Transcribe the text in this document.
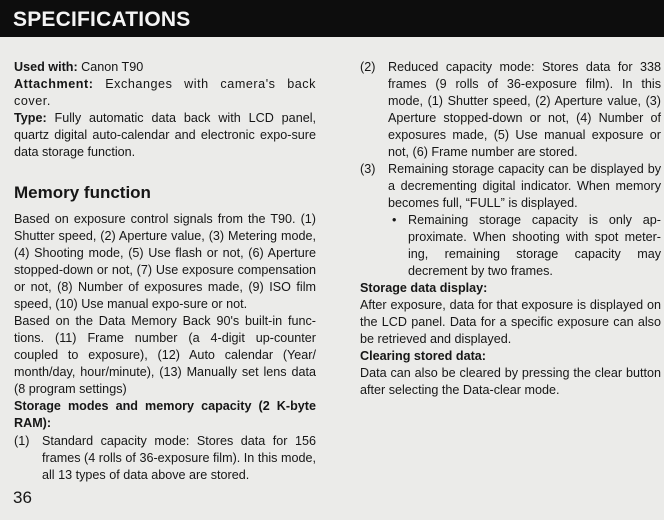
SPECIFICATIONS

Used with: Canon T90

Attachment: Exchanges with camera's back cover.

Type: Fully automatic data back with LCD panel, quartz digital auto-calendar and electronic expo-sure data storage function.

Memory function

Based on exposure control signals from the T90. (1) Shutter speed, (2) Aperture value, (3) Metering mode, (4) Shooting mode, (5) Use flash or not, (6) Aperture stopped-down or not, (7) Use exposure compensation or not, (8) Number of exposures made, (9) ISO film speed, (10) Use manual expo-sure or not.

Based on the Data Memory Back 90's built-in func-tions. (11) Frame number (a 4-digit up-counter coupled to exposure), (12) Auto calendar (Year/ month/day, hour/minute), (13) Manually set lens data (8 program settings)

Storage modes and memory capacity (2 K-byte RAM):

(1) Standard capacity mode: Stores data for 156 frames (4 rolls of 36-exposure film). In this mode, all 13 types of data above are stored.
(2) Reduced capacity mode: Stores data for 338 frames (9 rolls of 36-exposure film). In this mode, (1) Shutter speed, (2) Aperture value, (3) Aperture stopped-down or not, (4) Number of exposures made, (5) Use manual exposure or not, (6) Frame number are stored.
(3) Remaining storage capacity can be displayed by a decrementing digital indicator. When memory becomes full, “FULL” is displayed.
• Remaining storage capacity is only ap-proximate. When shooting with spot meter-ing, remaining storage capacity may decrement by two frames.

Storage data display:

After exposure, data for that exposure is displayed on the LCD panel. Data for a specific exposure can also be retrieved and displayed.

Clearing stored data:

Data can also be cleared by pressing the clear button after selecting the Data-clear mode.

36
